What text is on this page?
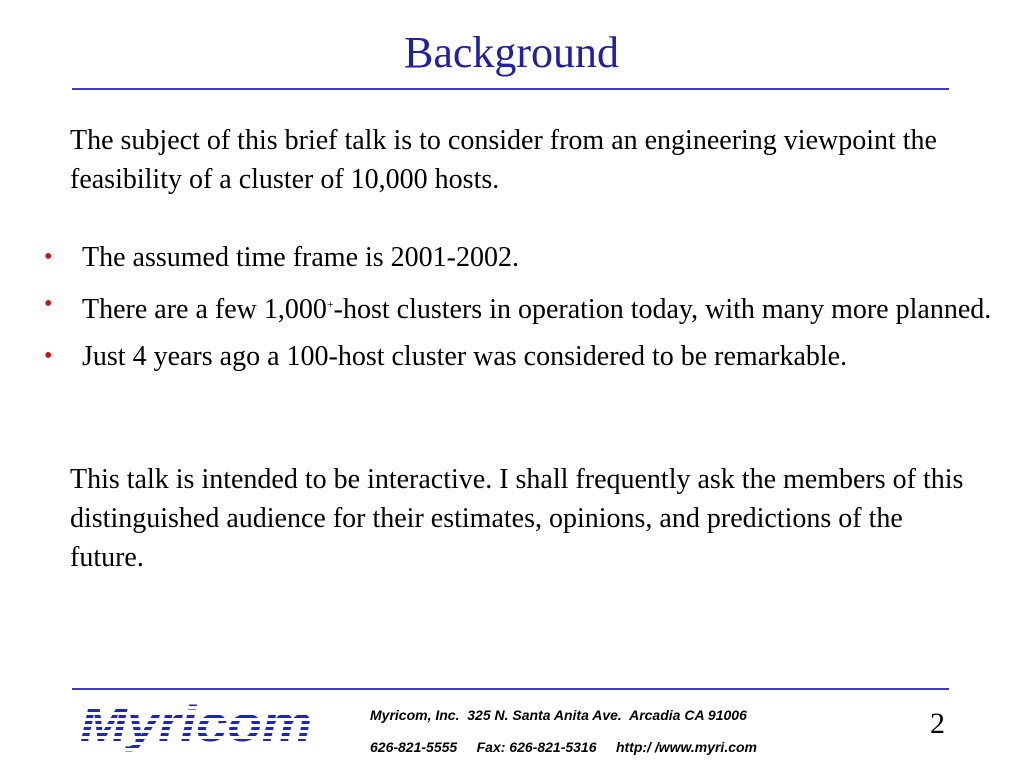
Background

The subject of this brief talk is to consider from an engineering viewpoint the feasibility of a cluster of 10,000 hosts.

• The assumed time frame is 2001-2002.
• There are a few 1,000+-host clusters in operation today, with many more planned.
• Just 4 years ago a 100-host cluster was considered to be remarkable.

This talk is intended to be interactive. I shall frequently ask the members of this distinguished audience for their estimates, opinions, and predictions of the future.

Myricom	Myricom, Inc.  325 N. Santa Anita Ave.  Arcadia CA 91006
626-821-5555     Fax: 626-821-5316     http:/ /www.myri.com
2
